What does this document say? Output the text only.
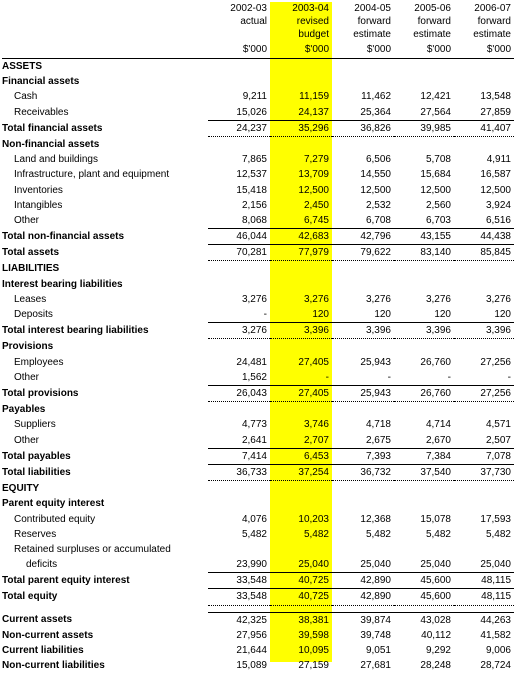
	2002-03	2003-04	2004-05	2005-06	2006-07
	actual	revised	forward	forward	forward
		budget	estimate	estimate	estimate
	$'000	$'000	$'000	$'000	$'000
ASSETS					
Financial assets					
Cash	9,211	11,159	11,462	12,421	13,548
Receivables	15,026	24,137	25,364	27,564	27,859
Total financial assets	24,237	35,296	36,826	39,985	41,407
Non-financial assets					
Land and buildings	7,865	7,279	6,506	5,708	4,911
Infrastructure, plant and equipment	12,537	13,709	14,550	15,684	16,587
Inventories	15,418	12,500	12,500	12,500	12,500
Intangibles	2,156	2,450	2,532	2,560	3,924
Other	8,068	6,745	6,708	6,703	6,516
Total non-financial assets	46,044	42,683	42,796	43,155	44,438
Total assets	70,281	77,979	79,622	83,140	85,845
LIABILITIES					
Interest bearing liabilities					
Leases	3,276	3,276	3,276	3,276	3,276
Deposits	-	120	120	120	120
Total interest bearing liabilities	3,276	3,396	3,396	3,396	3,396
Provisions					
Employees	24,481	27,405	25,943	26,760	27,256
Other	1,562	-	-	-	-
Total provisions	26,043	27,405	25,943	26,760	27,256
Payables					
Suppliers	4,773	3,746	4,718	4,714	4,571
Other	2,641	2,707	2,675	2,670	2,507
Total payables	7,414	6,453	7,393	7,384	7,078
Total liabilities	36,733	37,254	36,732	37,540	37,730
EQUITY					
Parent equity interest					
Contributed equity	4,076	10,203	12,368	15,078	17,593
Reserves	5,482	5,482	5,482	5,482	5,482
Retained surpluses or accumulated					
deficits	23,990	25,040	25,040	25,040	25,040
Total parent equity interest	33,548	40,725	42,890	45,600	48,115
Total equity	33,548	40,725	42,890	45,600	48,115

Current assets	42,325	38,381	39,874	43,028	44,263
Non-current assets	27,956	39,598	39,748	40,112	41,582
Current liabilities	21,644	10,095	9,051	9,292	9,006
Non-current liabilities	15,089	27,159	27,681	28,248	28,724
